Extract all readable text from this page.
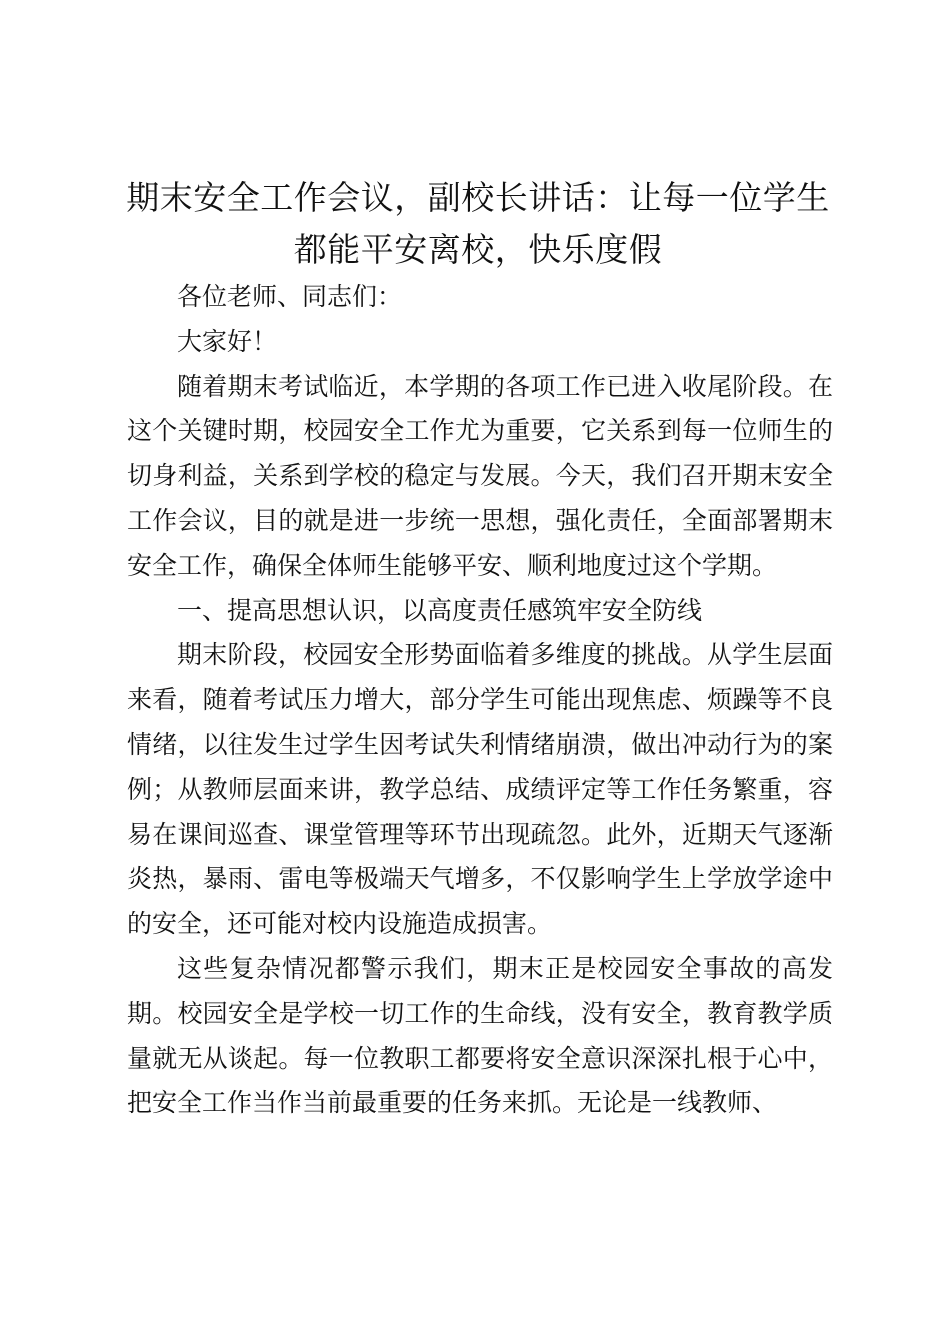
期末安全工作会议，副校长讲话：让每一位学生都能平安离校，快乐度假

各位老师、同志们：

大家好！

随着期末考试临近，本学期的各项工作已进入收尾阶段。在这个关键时期，校园安全工作尤为重要，它关系到每一位师生的切身利益，关系到学校的稳定与发展。今天，我们召开期末安全工作会议，目的就是进一步统一思想，强化责任，全面部署期末安全工作，确保全体师生能够平安、顺利地度过这个学期。

一、提高思想认识，以高度责任感筑牢安全防线

期末阶段，校园安全形势面临着多维度的挑战。从学生层面来看，随着考试压力增大，部分学生可能出现焦虑、烦躁等不良情绪，以往发生过学生因考试失利情绪崩溃，做出冲动行为的案例；从教师层面来讲，教学总结、成绩评定等工作任务繁重，容易在课间巡查、课堂管理等环节出现疏忽。此外，近期天气逐渐炎热，暴雨、雷电等极端天气增多，不仅影响学生上学放学途中的安全，还可能对校内设施造成损害。

这些复杂情况都警示我们，期末正是校园安全事故的高发期。校园安全是学校一切工作的生命线，没有安全，教育教学质量就无从谈起。每一位教职工都要将安全意识深深扎根于心中，把安全工作当作当前最重要的任务来抓。无论是一线教师、
